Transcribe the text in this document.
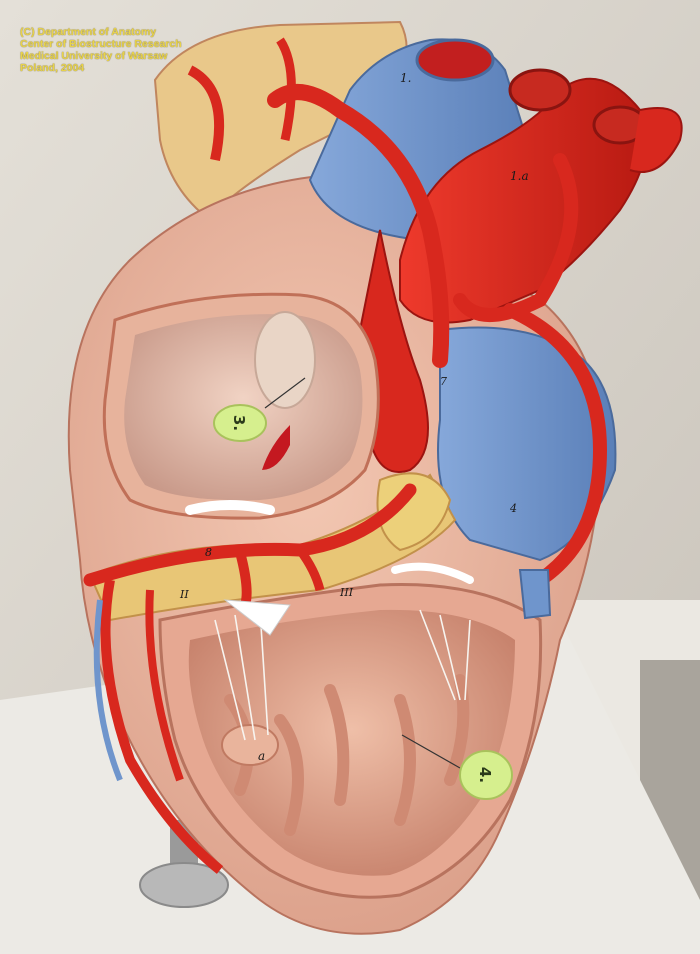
3.
4.
1.
1.a
7
4
8
II	III
a
(C) Department of Anatomy
Center of Biostructure Research
Medical University of Warsaw
Poland, 2004
